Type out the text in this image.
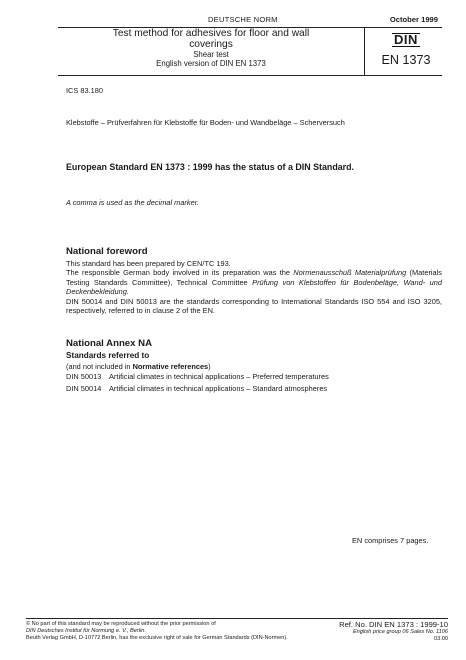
DEUTSCHE NORM	October 1999
Test method for adhesives for floor and wall coverings
Shear test
English version of DIN EN 1373
DIN
EN 1373
ICS 83.180
Klebstoffe – Prüfverfahren für Klebstoffe für Boden- und Wandbeläge – Scherversuch
European Standard EN 1373 : 1999 has the status of a DIN Standard.
A comma is used as the decimal marker.
National foreword

This standard has been prepared by CEN/TC 193.

The responsible German body involved in its preparation was the Normenausschuß Materialprüfung (Materials Testing Standards Committee), Technical Committee Prüfung von Klebstoffen für Bodenbeläge, Wand- und Deckenbekleidung.

DIN 50014 and DIN 50013 are the standards corresponding to International Standards ISO 554 and ISO 3205, respectively, referred to in clause 2 of the EN.

National Annex NA
Standards referred to
(and not included in Normative references)
DIN 50013 Artificial climates in technical applications – Preferred temperatures
DIN 50014 Artificial climates in technical applications – Standard atmospheres
EN comprises 7 pages.
© No part of this standard may be reproduced without the prior permission of
DIN Deutsches Institut für Normung e. V., Berlin.
Beuth Verlag GmbH, D-10772 Berlin, has the exclusive right of sale for German Standards (DIN-Normen).
Ref. No. DIN EN 1373 : 1999-10
English price group 06 Sales No. 1106
03.00
